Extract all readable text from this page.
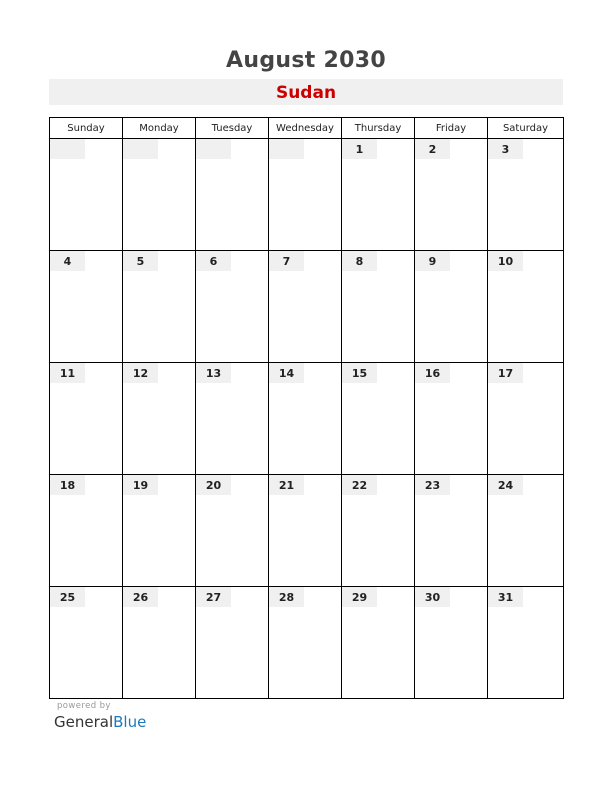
August 2030
Sudan
Sunday	Monday	Tuesday	Wednesday	Thursday	Friday	Saturday

				1	2	3

4	5	6	7	8	9	10

11	12	13	14	15	16	17

18	19	20	21	22	23	24

25	26	27	28	29	30	31
powered by
GeneralBlue
